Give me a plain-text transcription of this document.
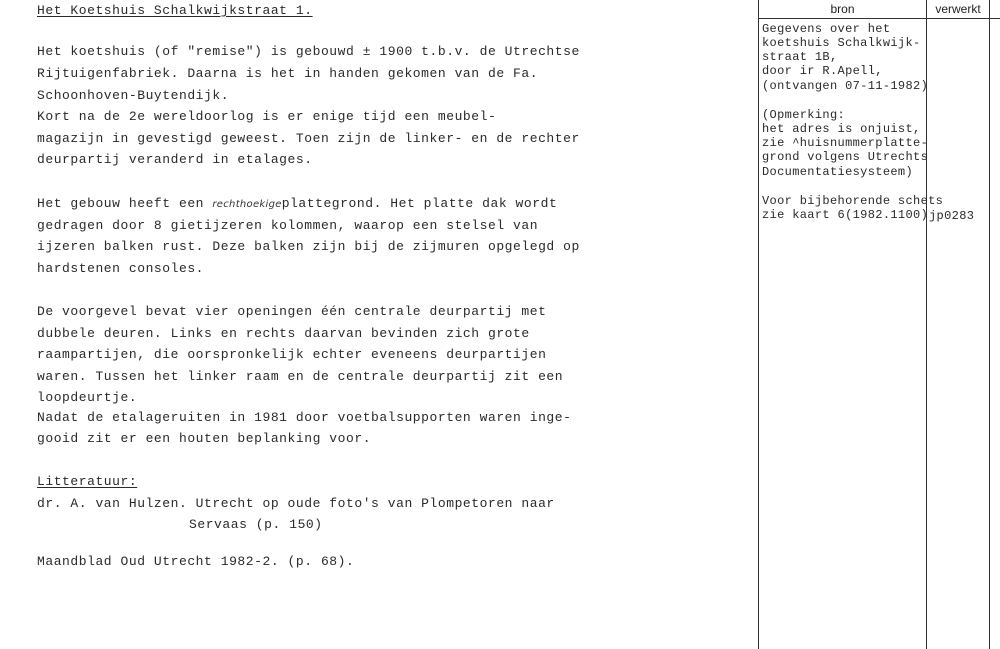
Het Koetshuis Schalkwijkstraat 1.
Het koetshuis (of "remise") is gebouwd ± 1900 t.b.v. de Utrechtse
Rijtuigenfabriek. Daarna is het in handen gekomen van de Fa.
Schoonhoven-Buytendijk.
Kort na de 2e wereldoorlog is er enige tijd een meubel-
magazijn in gevestigd geweest. Toen zijn de linker- en de rechter
deurpartij veranderd in etalages.
Het gebouw heeft een rechthoekigeplattegrond. Het platte dak wordt
gedragen door 8 gietijzeren kolommen, waarop een stelsel van
ijzeren balken rust. Deze balken zijn bij de zijmuren opgelegd op
hardstenen consoles.
De voorgevel bevat vier openingen één centrale deurpartij met
dubbele deuren. Links en rechts daarvan bevinden zich grote
raampartijen, die oorspronkelijk echter eveneens deurpartijen
waren. Tussen het linker raam en de centrale deurpartij zit een
loopdeurtje.
Nadat de etalageruiten in 1981 door voetbalsupporten waren inge-
gooid zit er een houten beplanking voor.
Litteratuur:
dr. A. van Hulzen. Utrecht op oude foto's van Plompetoren naar
Servaas (p. 150)
Maandblad Oud Utrecht 1982-2. (p. 68).
bron	verwerkt
Gegevens over het
koetshuis Schalkwijk-
straat 1B,
door ir R.Apell,
(ontvangen 07-11-1982)
(Opmerking:
het adres is onjuist,
zie ^huisnummerplatte-
grond volgens Utrechts
Documentatiesysteem)
Voor bijbehorende schets
zie kaart 6(1982.1100) jp0283
